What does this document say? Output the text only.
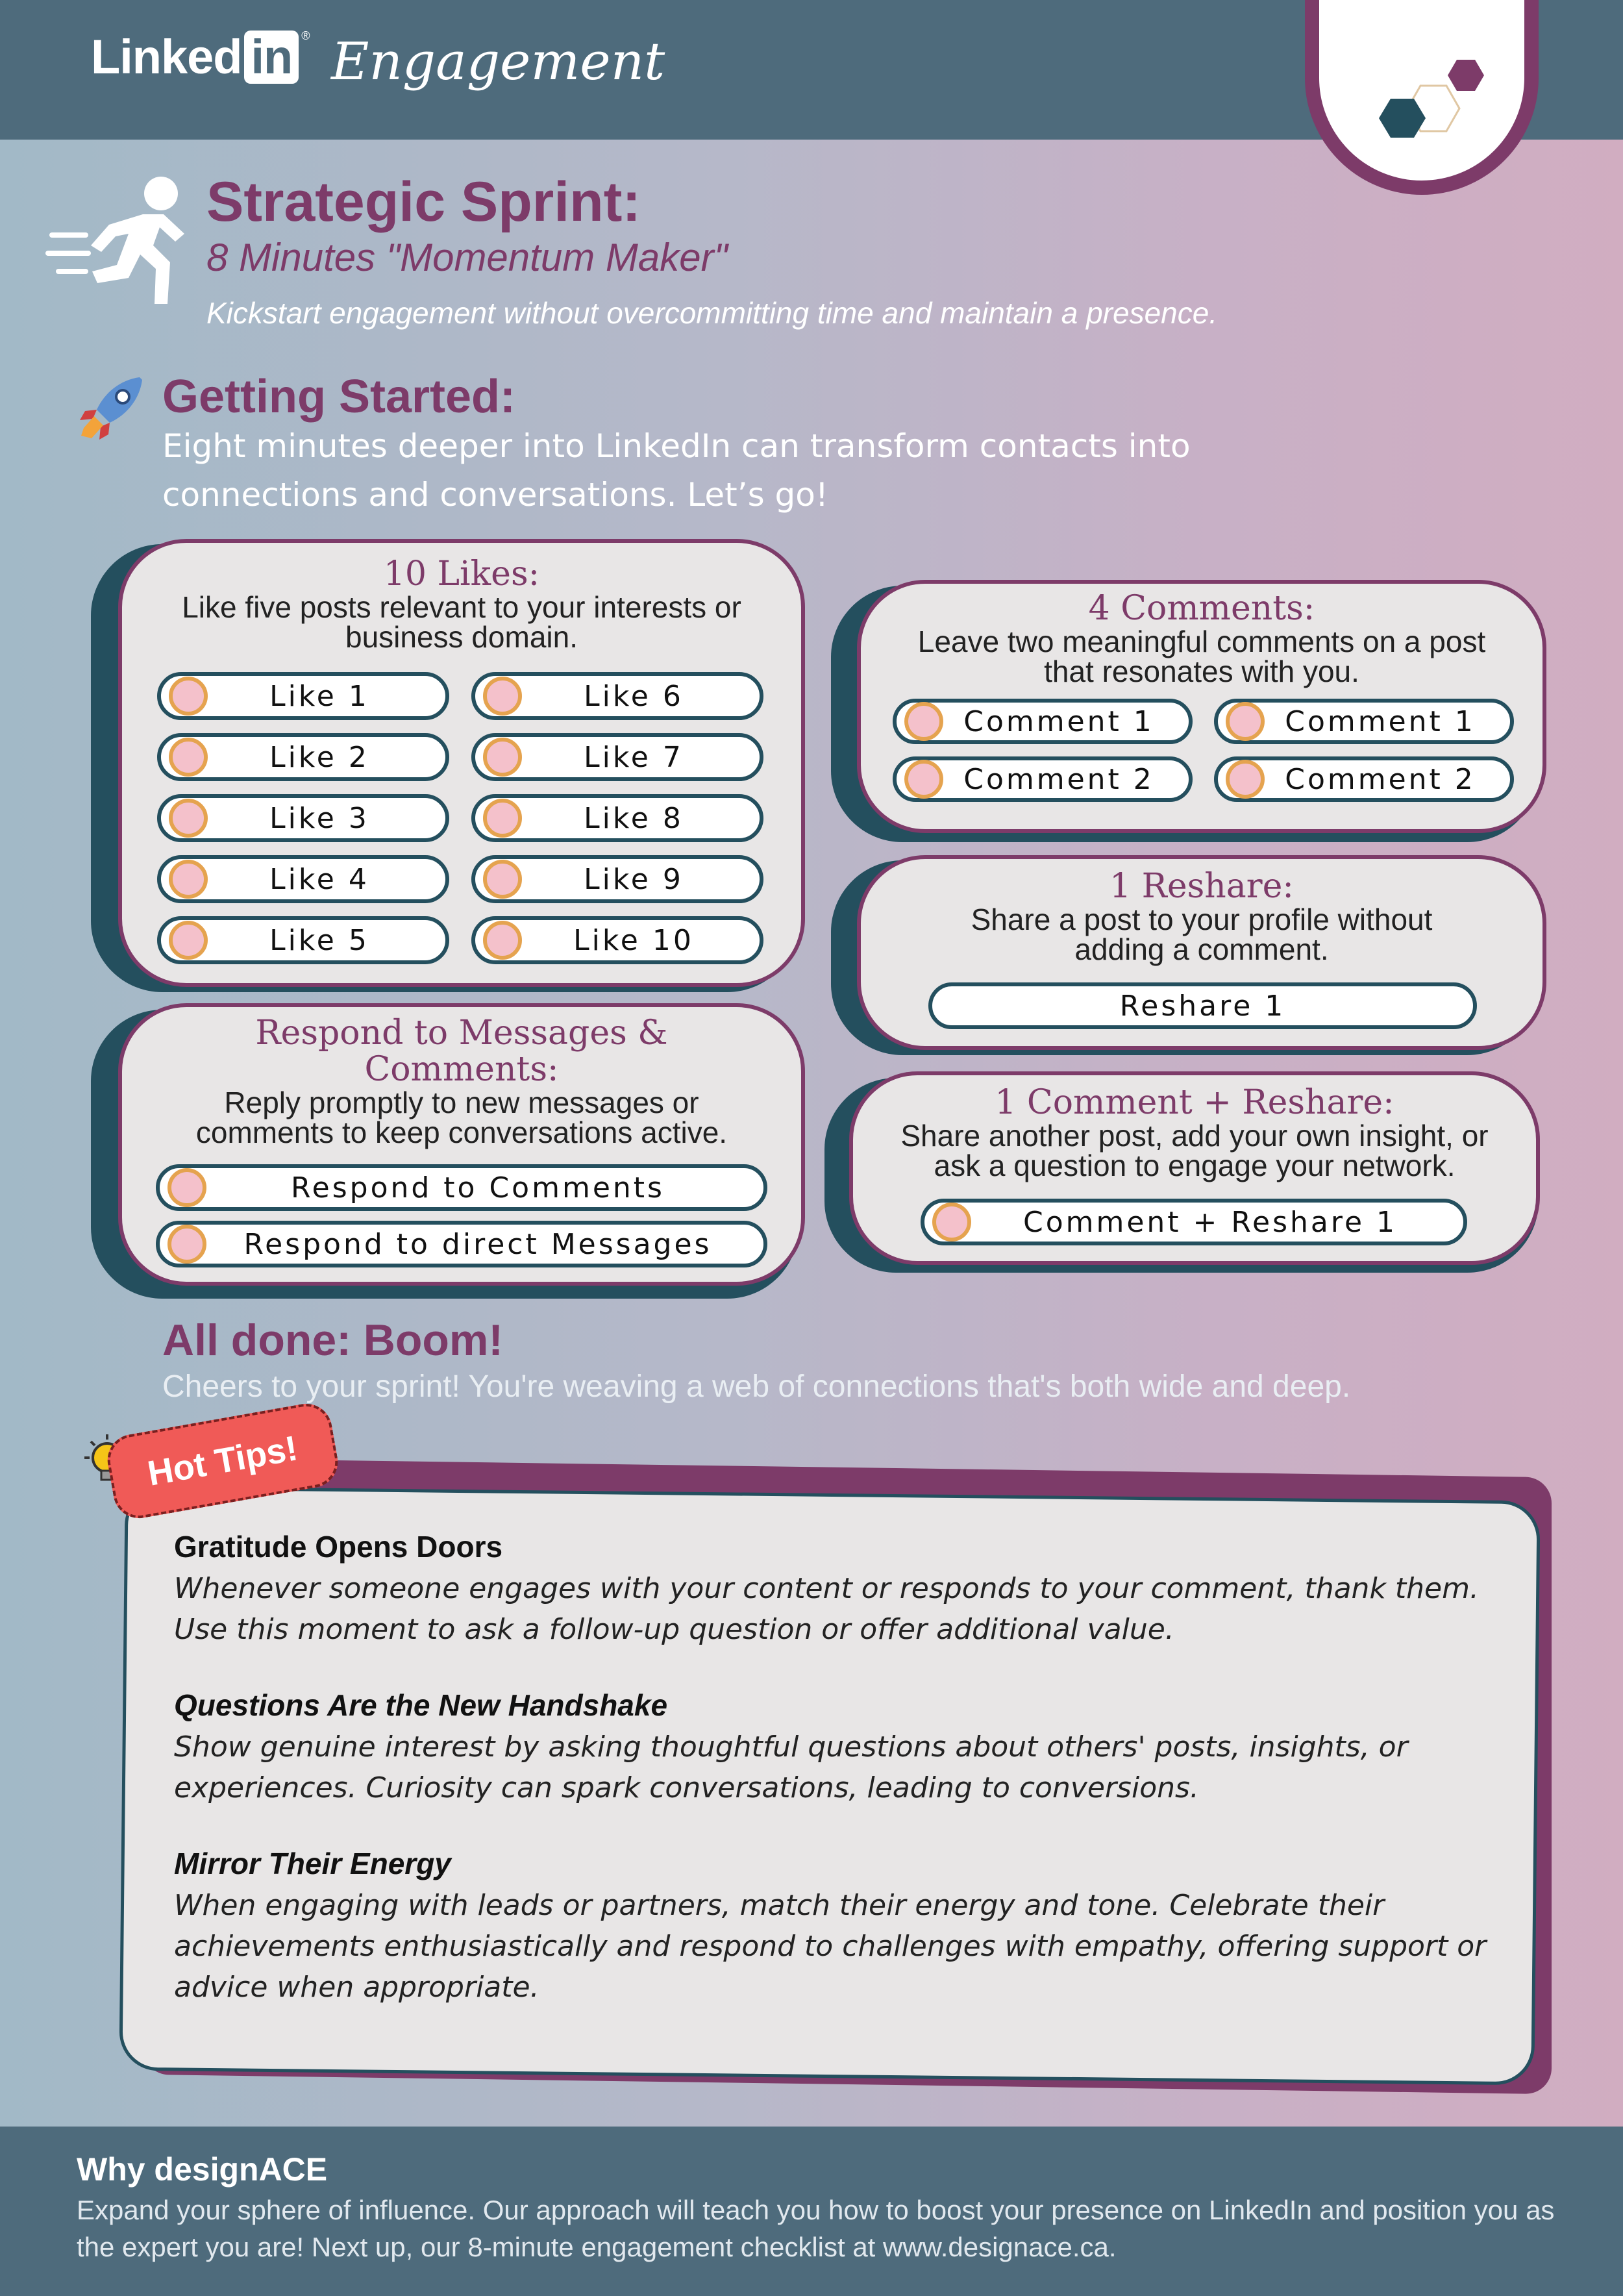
Linked in ® Engagement
Strategic Sprint:
8 Minutes "Momentum Maker"
Kickstart engagement without overcommitting time and maintain a presence.
Getting Started:
Eight minutes deeper into LinkedIn can transform contacts into connections and conversations. Let’s go!
10 Likes:
Like five posts relevant to your interests or business domain.
Like 1
Like 2
Like 3
Like 4
Like 5
Like 6
Like 7
Like 8
Like 9
Like 10
4 Comments:
Leave two meaningful comments on a post that resonates with you.
Comment 1
Comment 2
Comment 1
Comment 2
1 Reshare:
Share a post to your profile without adding a comment.
Reshare 1
Respond to Messages & Comments:
Reply promptly to new messages or comments to keep conversations active.
Respond to Comments
Respond to direct Messages
1 Comment + Reshare:
Share another post, add your own insight, or ask a question to engage your network.
Comment + Reshare 1
All done: Boom!
Cheers to your sprint! You're weaving a web of connections that's both wide and deep.
Gratitude Opens Doors
Whenever someone engages with your content or responds to your comment, thank them. Use this moment to ask a follow-up question or offer additional value.
Questions Are the New Handshake
Show genuine interest by asking thoughtful questions about others' posts, insights, or experiences. Curiosity can spark conversations, leading to conversions.
Mirror Their Energy
When engaging with leads or partners, match their energy and tone. Celebrate their achievements enthusiastically and respond to challenges with empathy, offering support or advice when appropriate.
Hot Tips!
Why designACE
Expand your sphere of influence. Our approach will teach you how to boost your presence on LinkedIn and position you as the expert you are! Next up, our 8-minute engagement checklist at www.designace.ca.
